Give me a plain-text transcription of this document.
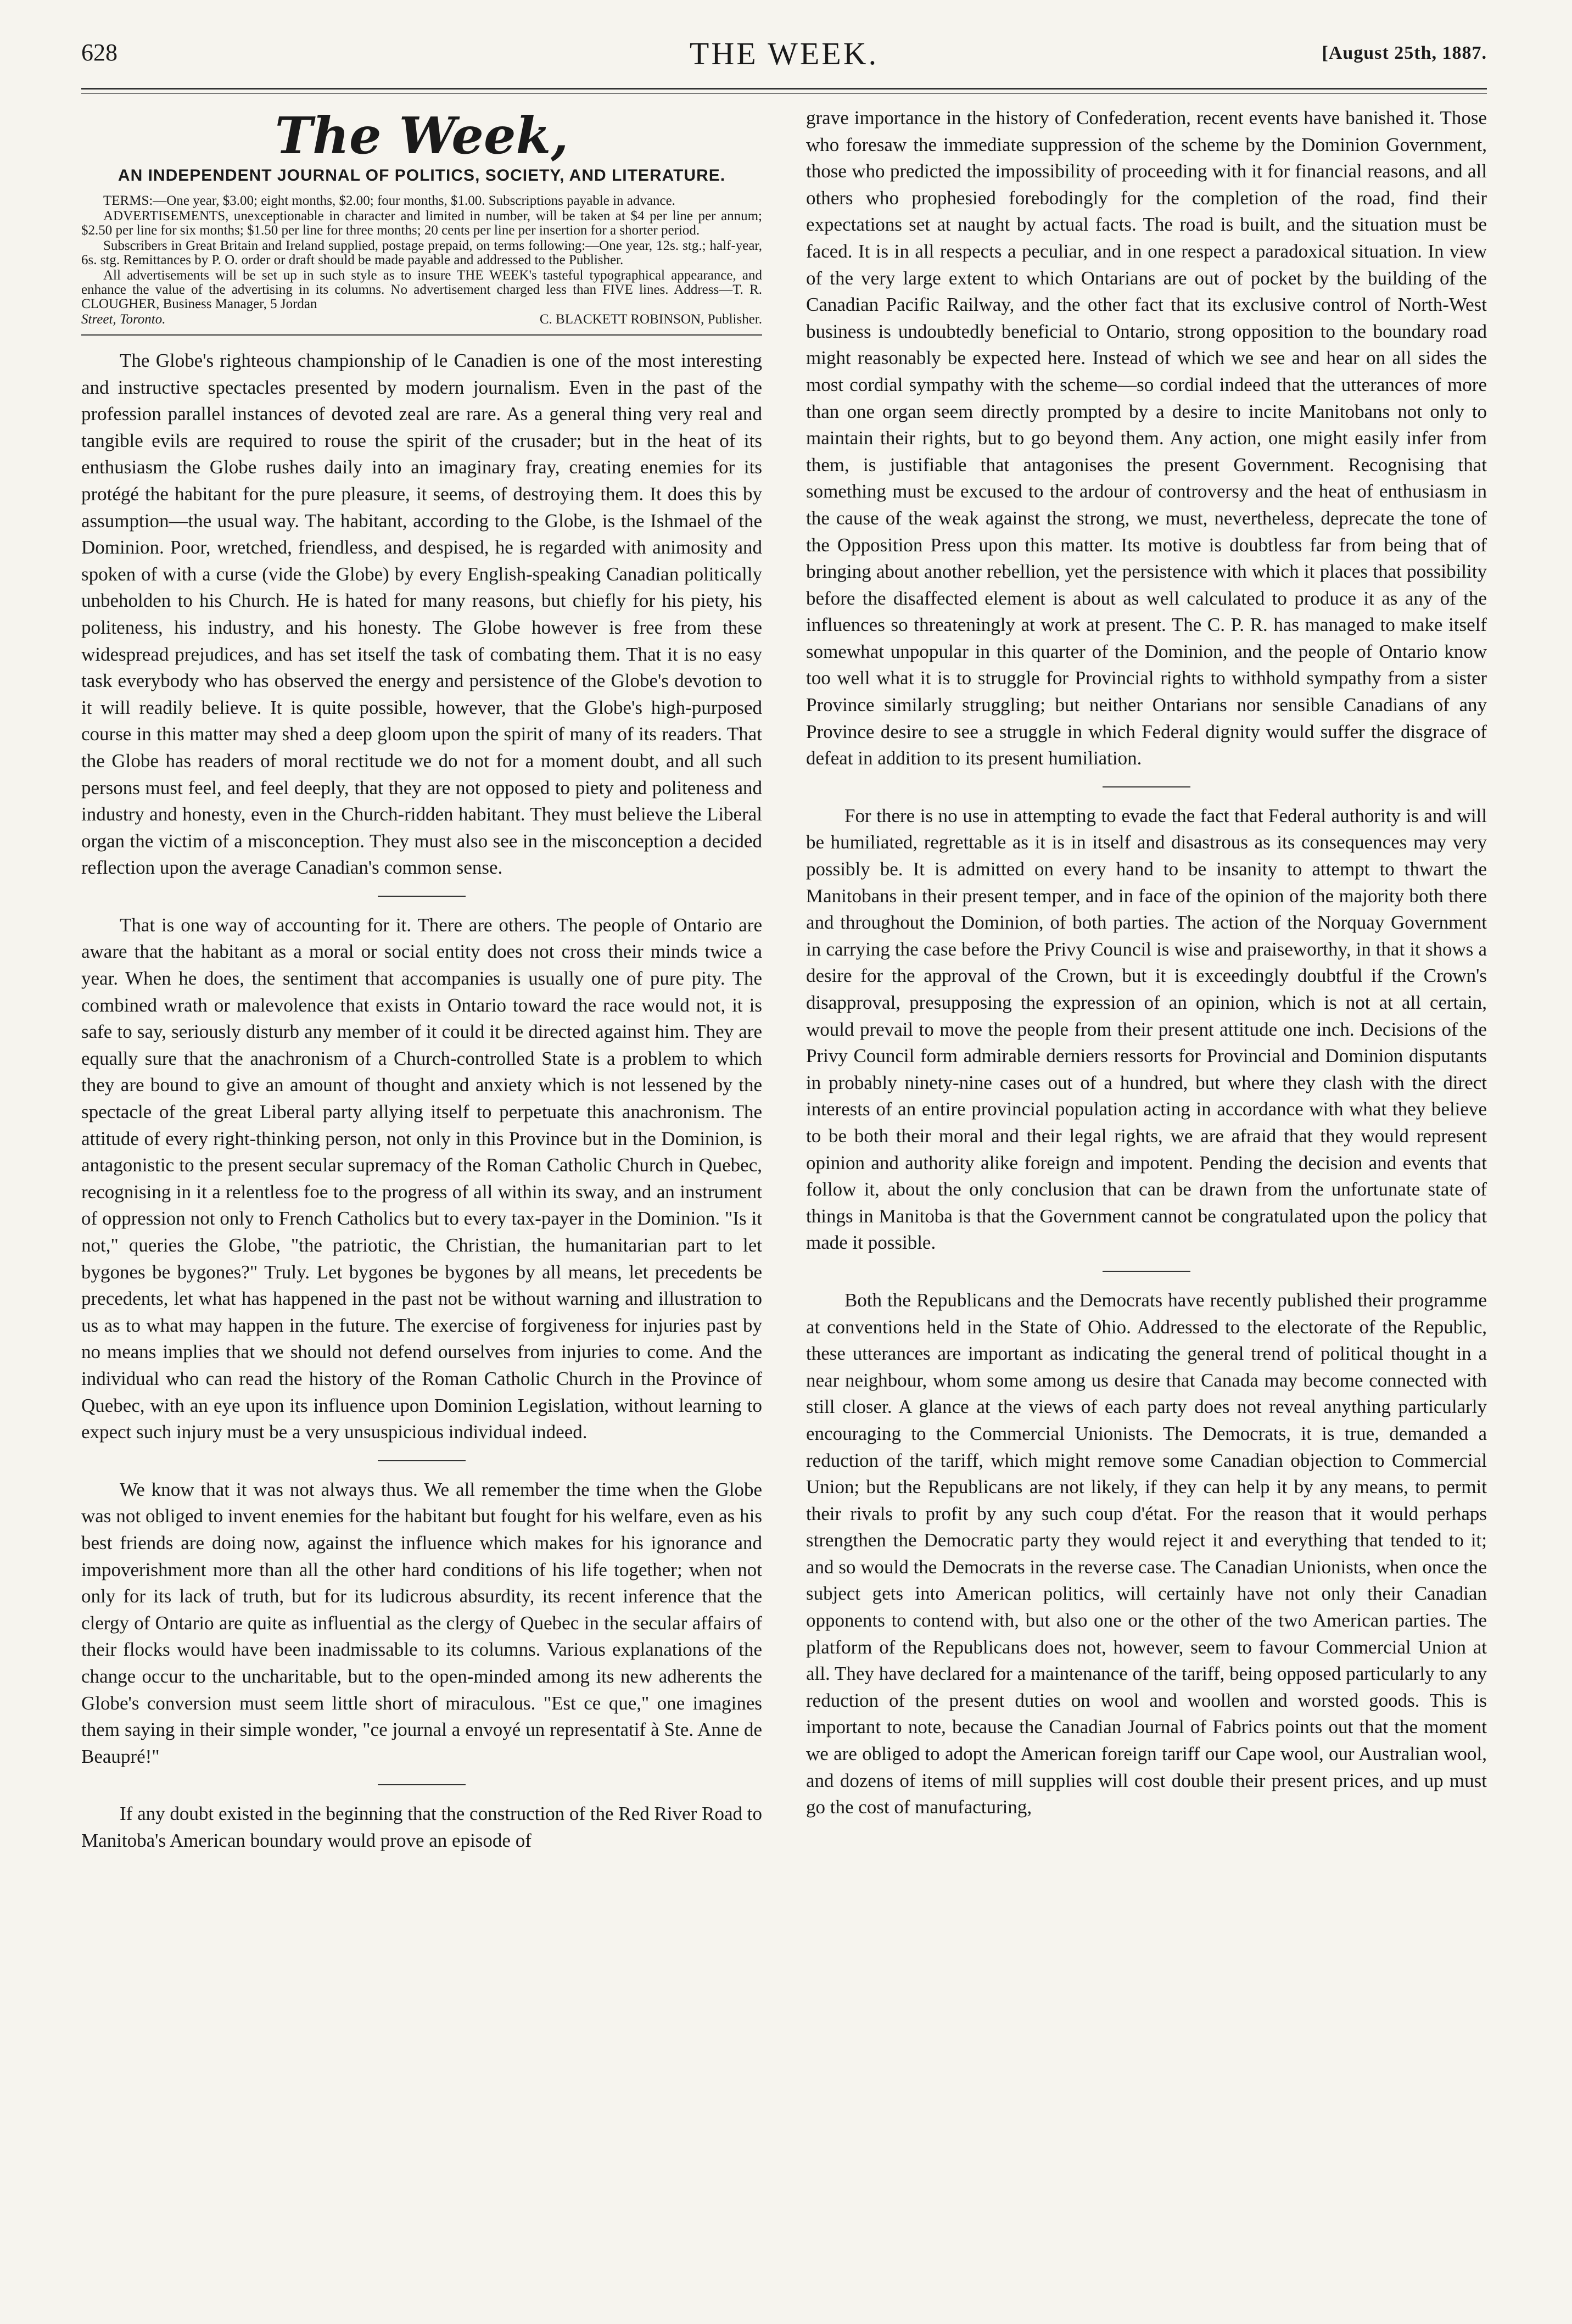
628	THE WEEK.	[August 25th, 1887.
The Week,
AN INDEPENDENT JOURNAL OF POLITICS, SOCIETY, AND LITERATURE.

TERMS:—One year, $3.00; eight months, $2.00; four months, $1.00. Subscriptions payable in advance.

ADVERTISEMENTS, unexceptionable in character and limited in number, will be taken at $4 per line per annum; $2.50 per line for six months; $1.50 per line for three months; 20 cents per line per insertion for a shorter period.

Subscribers in Great Britain and Ireland supplied, postage prepaid, on terms following:—One year, 12s. stg.; half-year, 6s. stg. Remittances by P. O. order or draft should be made payable and addressed to the Publisher.

All advertisements will be set up in such style as to insure THE WEEK's tasteful typographical appearance, and enhance the value of the advertising in its columns. No advertisement charged less than FIVE lines. Address—T. R. CLOUGHER, Business Manager, 5 Jordan

Street, Toronto.	C. BLACKETT ROBINSON, Publisher.

The Globe's righteous championship of le Canadien is one of the most interesting and instructive spectacles presented by modern journalism. Even in the past of the profession parallel instances of devoted zeal are rare. As a general thing very real and tangible evils are required to rouse the spirit of the crusader; but in the heat of its enthusiasm the Globe rushes daily into an imaginary fray, creating enemies for its protégé the habitant for the pure pleasure, it seems, of destroying them. It does this by assumption—the usual way. The habitant, according to the Globe, is the Ishmael of the Dominion. Poor, wretched, friendless, and despised, he is regarded with animosity and spoken of with a curse (vide the Globe) by every English-speaking Canadian politically unbeholden to his Church. He is hated for many reasons, but chiefly for his piety, his politeness, his industry, and his honesty. The Globe however is free from these widespread prejudices, and has set itself the task of combating them. That it is no easy task everybody who has observed the energy and persistence of the Globe's devotion to it will readily believe. It is quite possible, however, that the Globe's high-purposed course in this matter may shed a deep gloom upon the spirit of many of its readers. That the Globe has readers of moral rectitude we do not for a moment doubt, and all such persons must feel, and feel deeply, that they are not opposed to piety and politeness and industry and honesty, even in the Church-ridden habitant. They must believe the Liberal organ the victim of a misconception. They must also see in the misconception a decided reflection upon the average Canadian's common sense.

That is one way of accounting for it. There are others. The people of Ontario are aware that the habitant as a moral or social entity does not cross their minds twice a year. When he does, the sentiment that accompanies is usually one of pure pity. The combined wrath or malevolence that exists in Ontario toward the race would not, it is safe to say, seriously disturb any member of it could it be directed against him. They are equally sure that the anachronism of a Church-controlled State is a problem to which they are bound to give an amount of thought and anxiety which is not lessened by the spectacle of the great Liberal party allying itself to perpetuate this anachronism. The attitude of every right-thinking person, not only in this Province but in the Dominion, is antagonistic to the present secular supremacy of the Roman Catholic Church in Quebec, recognising in it a relentless foe to the progress of all within its sway, and an instrument of oppression not only to French Catholics but to every tax-payer in the Dominion. "Is it not," queries the Globe, "the patriotic, the Christian, the humanitarian part to let bygones be bygones?" Truly. Let bygones be bygones by all means, let precedents be precedents, let what has happened in the past not be without warning and illustration to us as to what may happen in the future. The exercise of forgiveness for injuries past by no means implies that we should not defend ourselves from injuries to come. And the individual who can read the history of the Roman Catholic Church in the Province of Quebec, with an eye upon its influence upon Dominion Legislation, without learning to expect such injury must be a very unsuspicious individual indeed.

We know that it was not always thus. We all remember the time when the Globe was not obliged to invent enemies for the habitant but fought for his welfare, even as his best friends are doing now, against the influence which makes for his ignorance and impoverishment more than all the other hard conditions of his life together; when not only for its lack of truth, but for its ludicrous absurdity, its recent inference that the clergy of Ontario are quite as influential as the clergy of Quebec in the secular affairs of their flocks would have been inadmissable to its columns. Various explanations of the change occur to the uncharitable, but to the open-minded among its new adherents the Globe's conversion must seem little short of miraculous. "Est ce que," one imagines them saying in their simple wonder, "ce journal a envoyé un representatif à Ste. Anne de Beaupré!"

If any doubt existed in the beginning that the construction of the Red River Road to Manitoba's American boundary would prove an episode of

grave importance in the history of Confederation, recent events have banished it. Those who foresaw the immediate suppression of the scheme by the Dominion Government, those who predicted the impossibility of proceeding with it for financial reasons, and all others who prophesied forebodingly for the completion of the road, find their expectations set at naught by actual facts. The road is built, and the situation must be faced. It is in all respects a peculiar, and in one respect a paradoxical situation. In view of the very large extent to which Ontarians are out of pocket by the building of the Canadian Pacific Railway, and the other fact that its exclusive control of North-West business is undoubtedly beneficial to Ontario, strong opposition to the boundary road might reasonably be expected here. Instead of which we see and hear on all sides the most cordial sympathy with the scheme—so cordial indeed that the utterances of more than one organ seem directly prompted by a desire to incite Manitobans not only to maintain their rights, but to go beyond them. Any action, one might easily infer from them, is justifiable that antagonises the present Government. Recognising that something must be excused to the ardour of controversy and the heat of enthusiasm in the cause of the weak against the strong, we must, nevertheless, deprecate the tone of the Opposition Press upon this matter. Its motive is doubtless far from being that of bringing about another rebellion, yet the persistence with which it places that possibility before the disaffected element is about as well calculated to produce it as any of the influences so threateningly at work at present. The C. P. R. has managed to make itself somewhat unpopular in this quarter of the Dominion, and the people of Ontario know too well what it is to struggle for Provincial rights to withhold sympathy from a sister Province similarly struggling; but neither Ontarians nor sensible Canadians of any Province desire to see a struggle in which Federal dignity would suffer the disgrace of defeat in addition to its present humiliation.

For there is no use in attempting to evade the fact that Federal authority is and will be humiliated, regrettable as it is in itself and disastrous as its consequences may very possibly be. It is admitted on every hand to be insanity to attempt to thwart the Manitobans in their present temper, and in face of the opinion of the majority both there and throughout the Dominion, of both parties. The action of the Norquay Government in carrying the case before the Privy Council is wise and praiseworthy, in that it shows a desire for the approval of the Crown, but it is exceedingly doubtful if the Crown's disapproval, presupposing the expression of an opinion, which is not at all certain, would prevail to move the people from their present attitude one inch. Decisions of the Privy Council form admirable derniers ressorts for Provincial and Dominion disputants in probably ninety-nine cases out of a hundred, but where they clash with the direct interests of an entire provincial population acting in accordance with what they believe to be both their moral and their legal rights, we are afraid that they would represent opinion and authority alike foreign and impotent. Pending the decision and events that follow it, about the only conclusion that can be drawn from the unfortunate state of things in Manitoba is that the Government cannot be congratulated upon the policy that made it possible.

Both the Republicans and the Democrats have recently published their programme at conventions held in the State of Ohio. Addressed to the electorate of the Republic, these utterances are important as indicating the general trend of political thought in a near neighbour, whom some among us desire that Canada may become connected with still closer. A glance at the views of each party does not reveal anything particularly encouraging to the Commercial Unionists. The Democrats, it is true, demanded a reduction of the tariff, which might remove some Canadian objection to Commercial Union; but the Republicans are not likely, if they can help it by any means, to permit their rivals to profit by any such coup d'état. For the reason that it would perhaps strengthen the Democratic party they would reject it and everything that tended to it; and so would the Democrats in the reverse case. The Canadian Unionists, when once the subject gets into American politics, will certainly have not only their Canadian opponents to contend with, but also one or the other of the two American parties. The platform of the Republicans does not, however, seem to favour Commercial Union at all. They have declared for a maintenance of the tariff, being opposed particularly to any reduction of the present duties on wool and woollen and worsted goods. This is important to note, because the Canadian Journal of Fabrics points out that the moment we are obliged to adopt the American foreign tariff our Cape wool, our Australian wool, and dozens of items of mill supplies will cost double their present prices, and up must go the cost of manufacturing,
